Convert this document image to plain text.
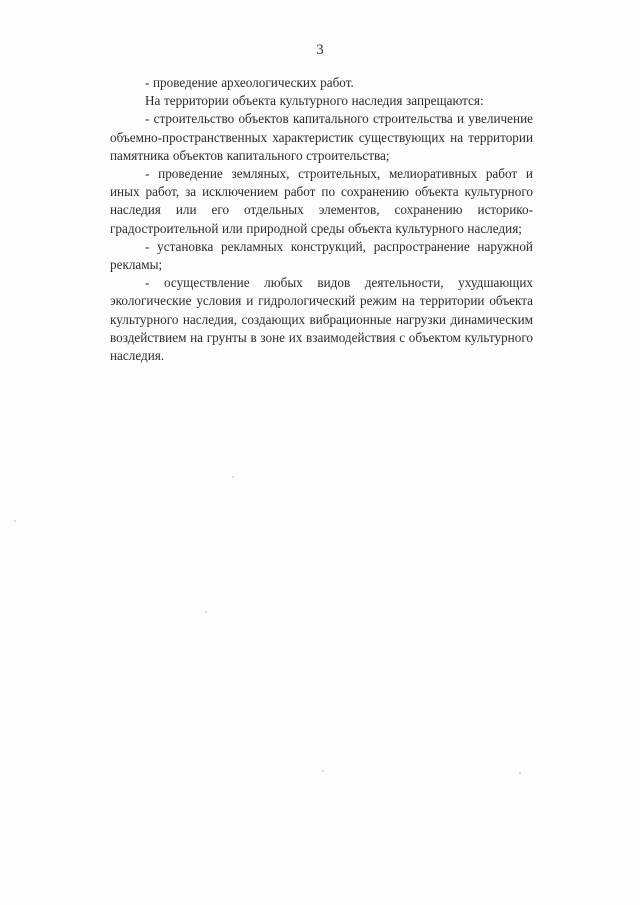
3

- проведение археологических работ.

На территории объекта культурного наследия запрещаются:

- строительство объектов капитального строительства и увеличение объемно-пространственных характеристик существующих на территории памятника объектов капитального строительства;

- проведение земляных, строительных, мелиоративных работ и иных работ, за исключением работ по сохранению объекта культурного наследия или его отдельных элементов, сохранению историко-градостроительной или природной среды объекта культурного наследия;

- установка рекламных конструкций, распространение наружной рекламы;

- осуществление любых видов деятельности, ухудшающих экологические условия и гидрологический режим на территории объекта культурного наследия, создающих вибрационные нагрузки динамическим воздействием на грунты в зоне их взаимодействия с объектом культурного наследия.
